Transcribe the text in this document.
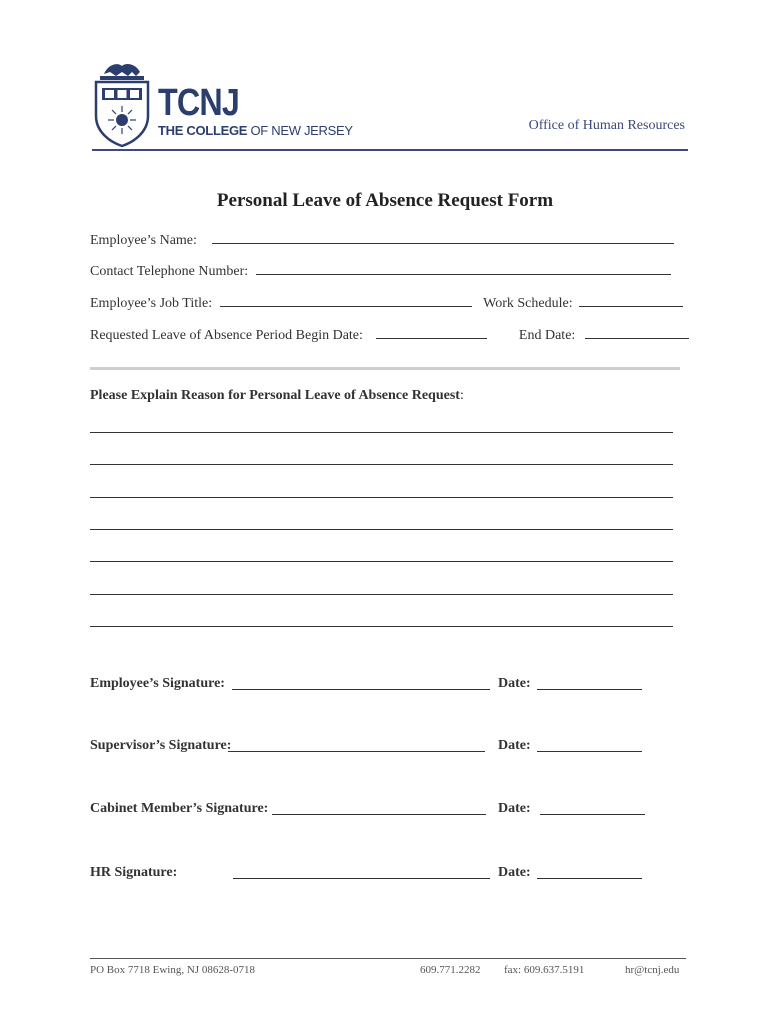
TCNJ
THE COLLEGE OF NEW JERSEY	Office of Human Resources
Personal Leave of Absence Request Form
Employee’s Name:
Contact Telephone Number:
Employee’s Job Title:	Work Schedule:
Requested Leave of Absence Period Begin Date:	End Date:
Please Explain Reason for Personal Leave of Absence Request:
Employee’s Signature:	Date:
Supervisor’s Signature:	Date:
Cabinet Member’s Signature:	Date:
HR Signature:	Date:
PO Box 7718 Ewing, NJ 08628-0718	609.771.2282 fax: 609.637.5191	hr@tcnj.edu
